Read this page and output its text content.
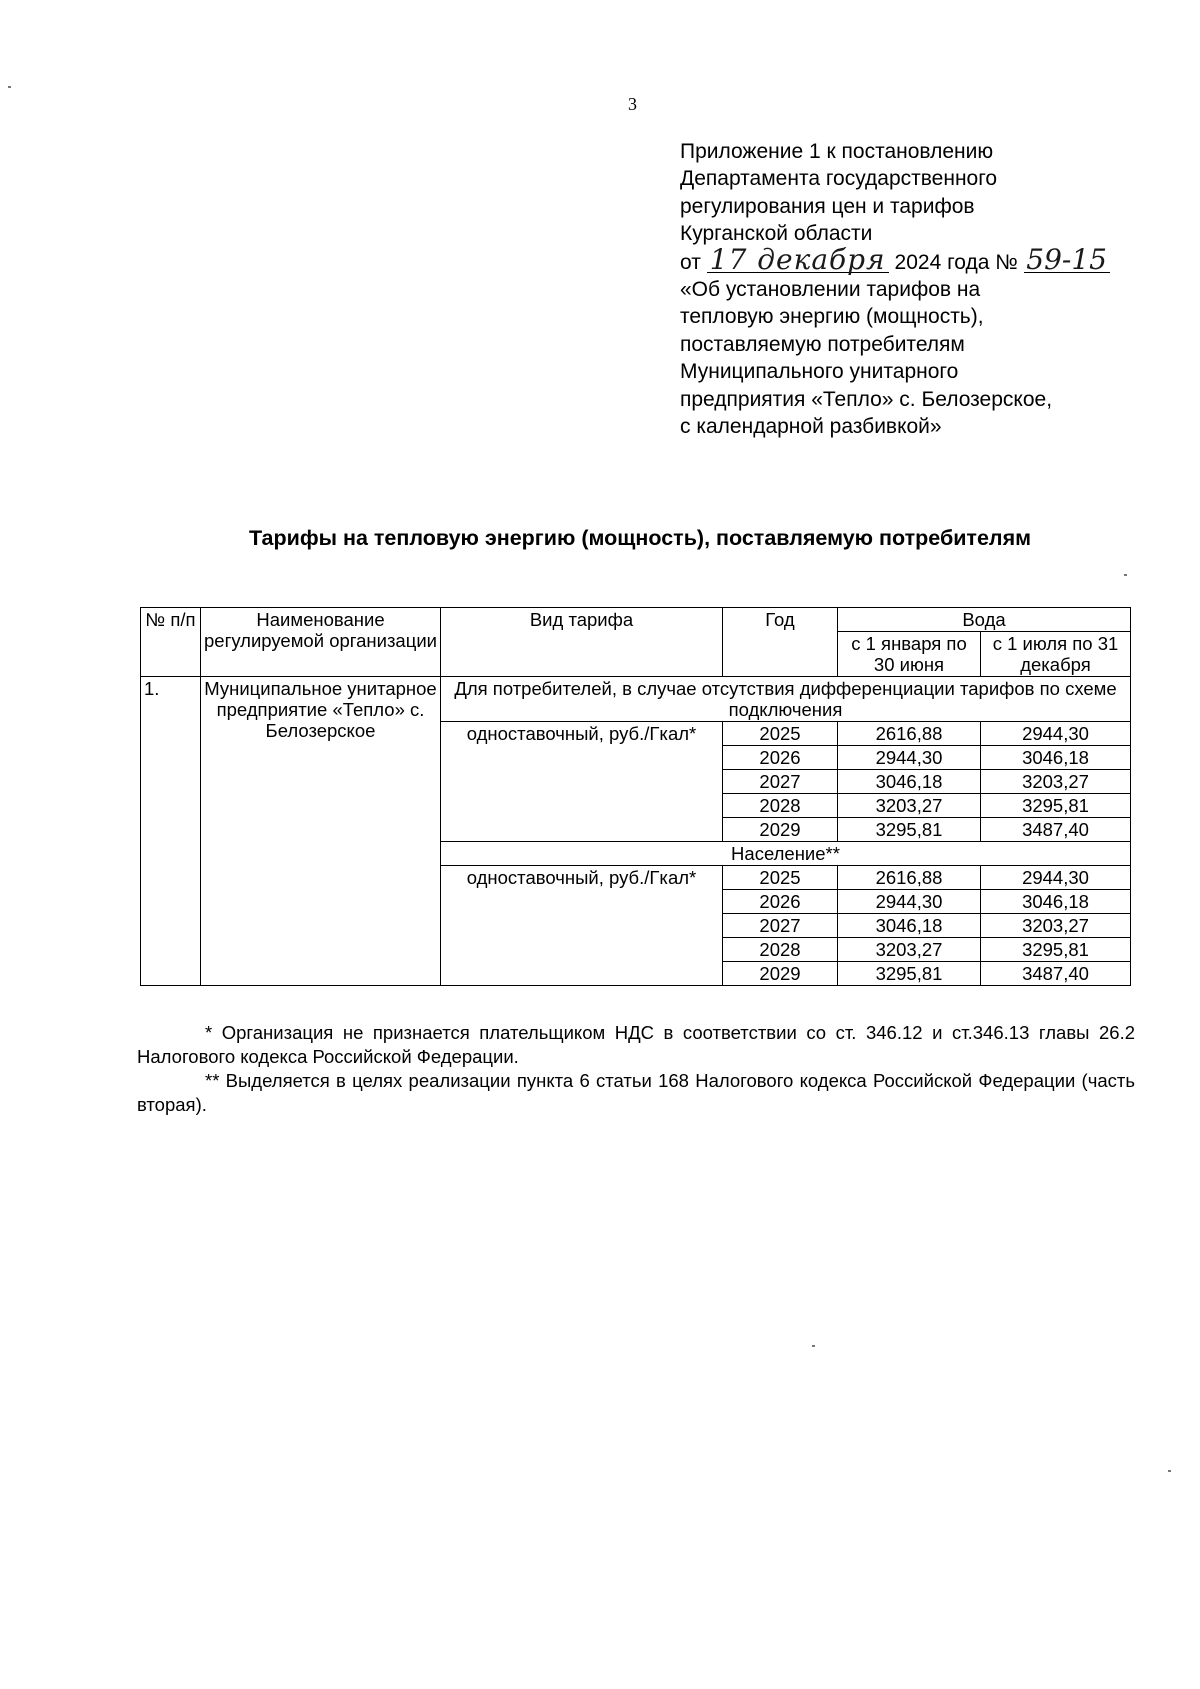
3
Приложение 1 к постановлению
Департамента государственного
регулирования цен и тарифов
Курганской области
от 17 декабря 2024 года № 59-15
«Об установлении тарифов на
тепловую энергию (мощность),
поставляемую потребителям
Муниципального унитарного
предприятия «Тепло» с. Белозерское,
с календарной разбивкой»
Тарифы на тепловую энергию (мощность), поставляемую потребителям
№ п/п	Наименование регулируемой организации	Вид тарифа	Год	Вода	
				с 1 января по 30 июня	с 1 июля по 31 декабря
1.	Муниципальное унитарное предприятие «Тепло» с. Белозерское	Для потребителей, в случае отсутствия дифференциации тарифов по схеме подключения			
		одноставочный, руб./Гкал*	2025	2616,88	2944,30
			2026	2944,30	3046,18
			2027	3046,18	3203,27
			2028	3203,27	3295,81
			2029	3295,81	3487,40
		Население**			
		одноставочный, руб./Гкал*	2025	2616,88	2944,30
			2026	2944,30	3046,18
			2027	3046,18	3203,27
			2028	3203,27	3295,81
			2029	3295,81	3487,40

* Организация не признается плательщиком НДС в соответствии со ст. 346.12 и ст.346.13 главы 26.2 Налогового кодекса Российской Федерации.

** Выделяется в целях реализации пункта 6 статьи 168 Налогового кодекса Российской Федерации (часть вторая).
